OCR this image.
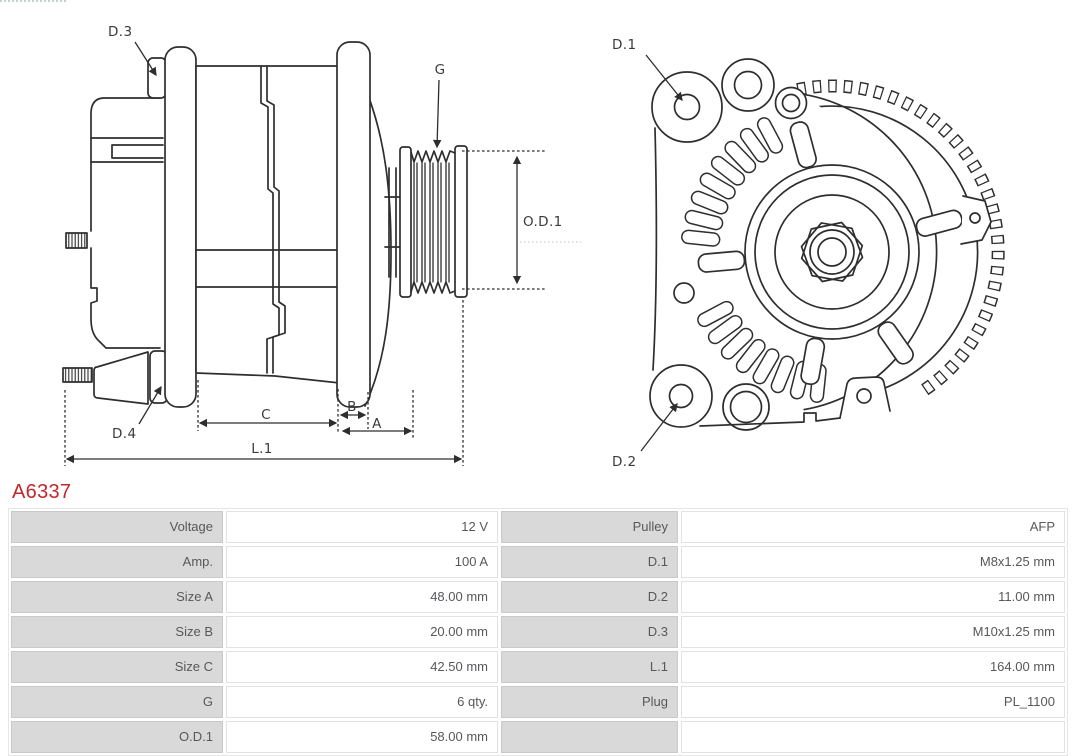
D.3
G
O.D.1
D.4
C	B
A
L.1
D.1
D.2
A6337
Voltage	12 V	Pulley	AFP
Amp.	100 A	D.1	M8x1.25 mm
Size A	48.00 mm	D.2	11.00 mm
Size B	20.00 mm	D.3	M10x1.25 mm
Size C	42.50 mm	L.1	164.00 mm
G	6 qty.	Plug	PL_1100
O.D.1	58.00 mm
